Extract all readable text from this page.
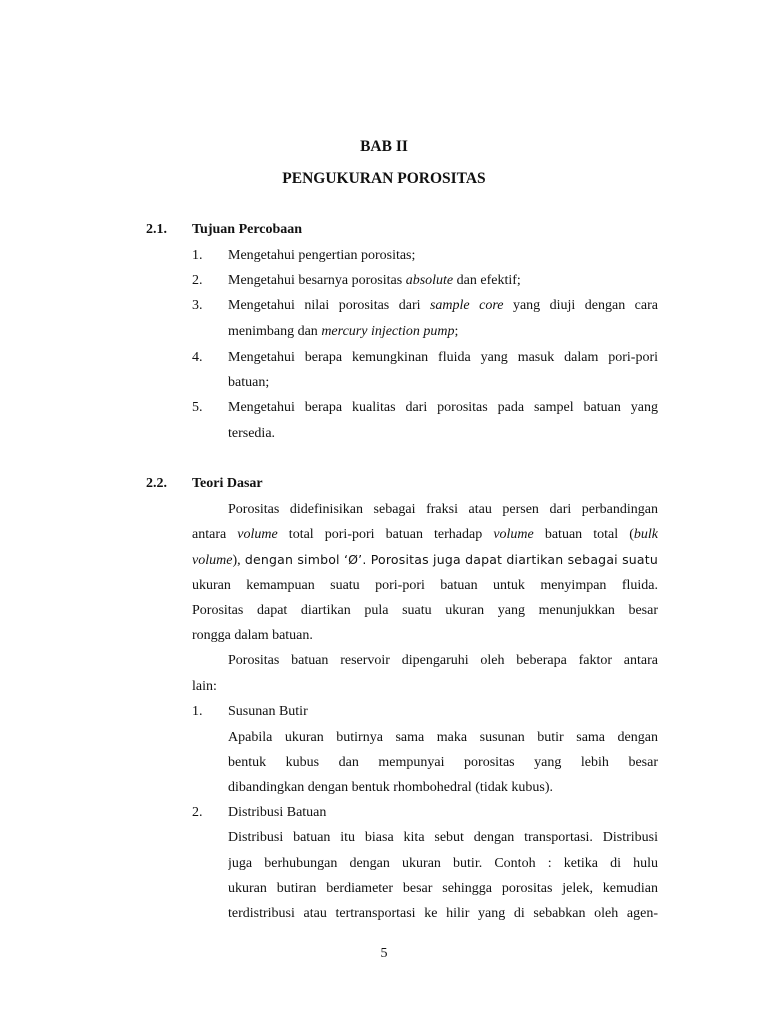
BAB II
PENGUKURAN POROSITAS
2.1. Tujuan Percobaan
1. Mengetahui pengertian porositas;
2. Mengetahui besarnya porositas absolute dan efektif;
3. Mengetahui nilai porositas dari sample core yang diuji dengan cara
menimbang dan mercury injection pump;
4. Mengetahui berapa kemungkinan fluida yang masuk dalam pori-pori
batuan;
5. Mengetahui berapa kualitas dari porositas pada sampel batuan yang
tersedia.
2.2. Teori Dasar
Porositas didefinisikan sebagai fraksi atau persen dari perbandingan
antara volume total pori-pori batuan terhadap volume batuan total (bulk
volume), dengan simbol ‘Ø’. Porositas juga dapat diartikan sebagai suatu
ukuran kemampuan suatu pori-pori batuan untuk menyimpan fluida.
Porositas dapat diartikan pula suatu ukuran yang menunjukkan besar
rongga dalam batuan.
Porositas batuan reservoir dipengaruhi oleh beberapa faktor antara
lain:
1. Susunan Butir
Apabila ukuran butirnya sama maka susunan butir sama dengan
bentuk kubus dan mempunyai porositas yang lebih besar
dibandingkan dengan bentuk rhombohedral (tidak kubus).
2. Distribusi Batuan
Distribusi batuan itu biasa kita sebut dengan transportasi. Distribusi
juga berhubungan dengan ukuran butir. Contoh : ketika di hulu
ukuran butiran berdiameter besar sehingga porositas jelek, kemudian
terdistribusi atau tertransportasi ke hilir yang di sebabkan oleh agen-
5
